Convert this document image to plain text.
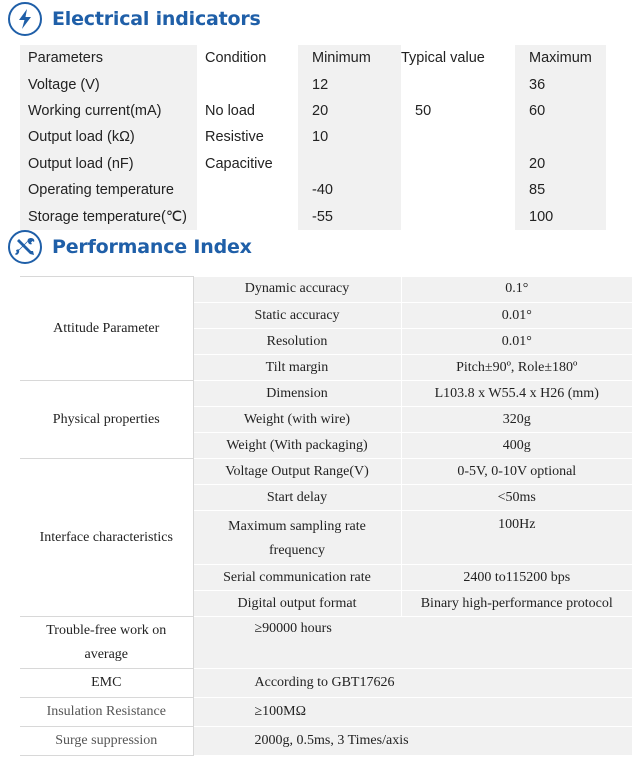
Electrical indicators
Parameters	Condition	Minimum	Typical value	Maximum
Voltage (V)		12		36
Working current(mA)	No load	20	50	60
Output load (kΩ)	Resistive	10		
Output load (nF)	Capacitive			20
Operating temperature		-40		85
Storage temperature(℃)		-55		100
Performance Index
Attitude Parameter	Dynamic accuracy	0.1°
	Static accuracy	0.01°
	Resolution	0.01°
	Tilt margin	Pitch±90º, Role±180º
Physical properties	Dimension	L103.8 x W55.4 x H26 (mm)
	Weight (with wire)	320g
	Weight (With packaging)	400g
Interface characteristics	Voltage Output Range(V)	0-5V, 0-10V optional
	Start delay	<50ms
	Maximum sampling rate frequency	100Hz
	Serial communication rate	2400 to115200 bps
	Digital output format	Binary high-performance protocol
Trouble-free work on average	≥90000 hours	
EMC	According to GBT17626	
Insulation Resistance	≥100MΩ	
Surge suppression	2000g, 0.5ms, 3 Times/axis	
